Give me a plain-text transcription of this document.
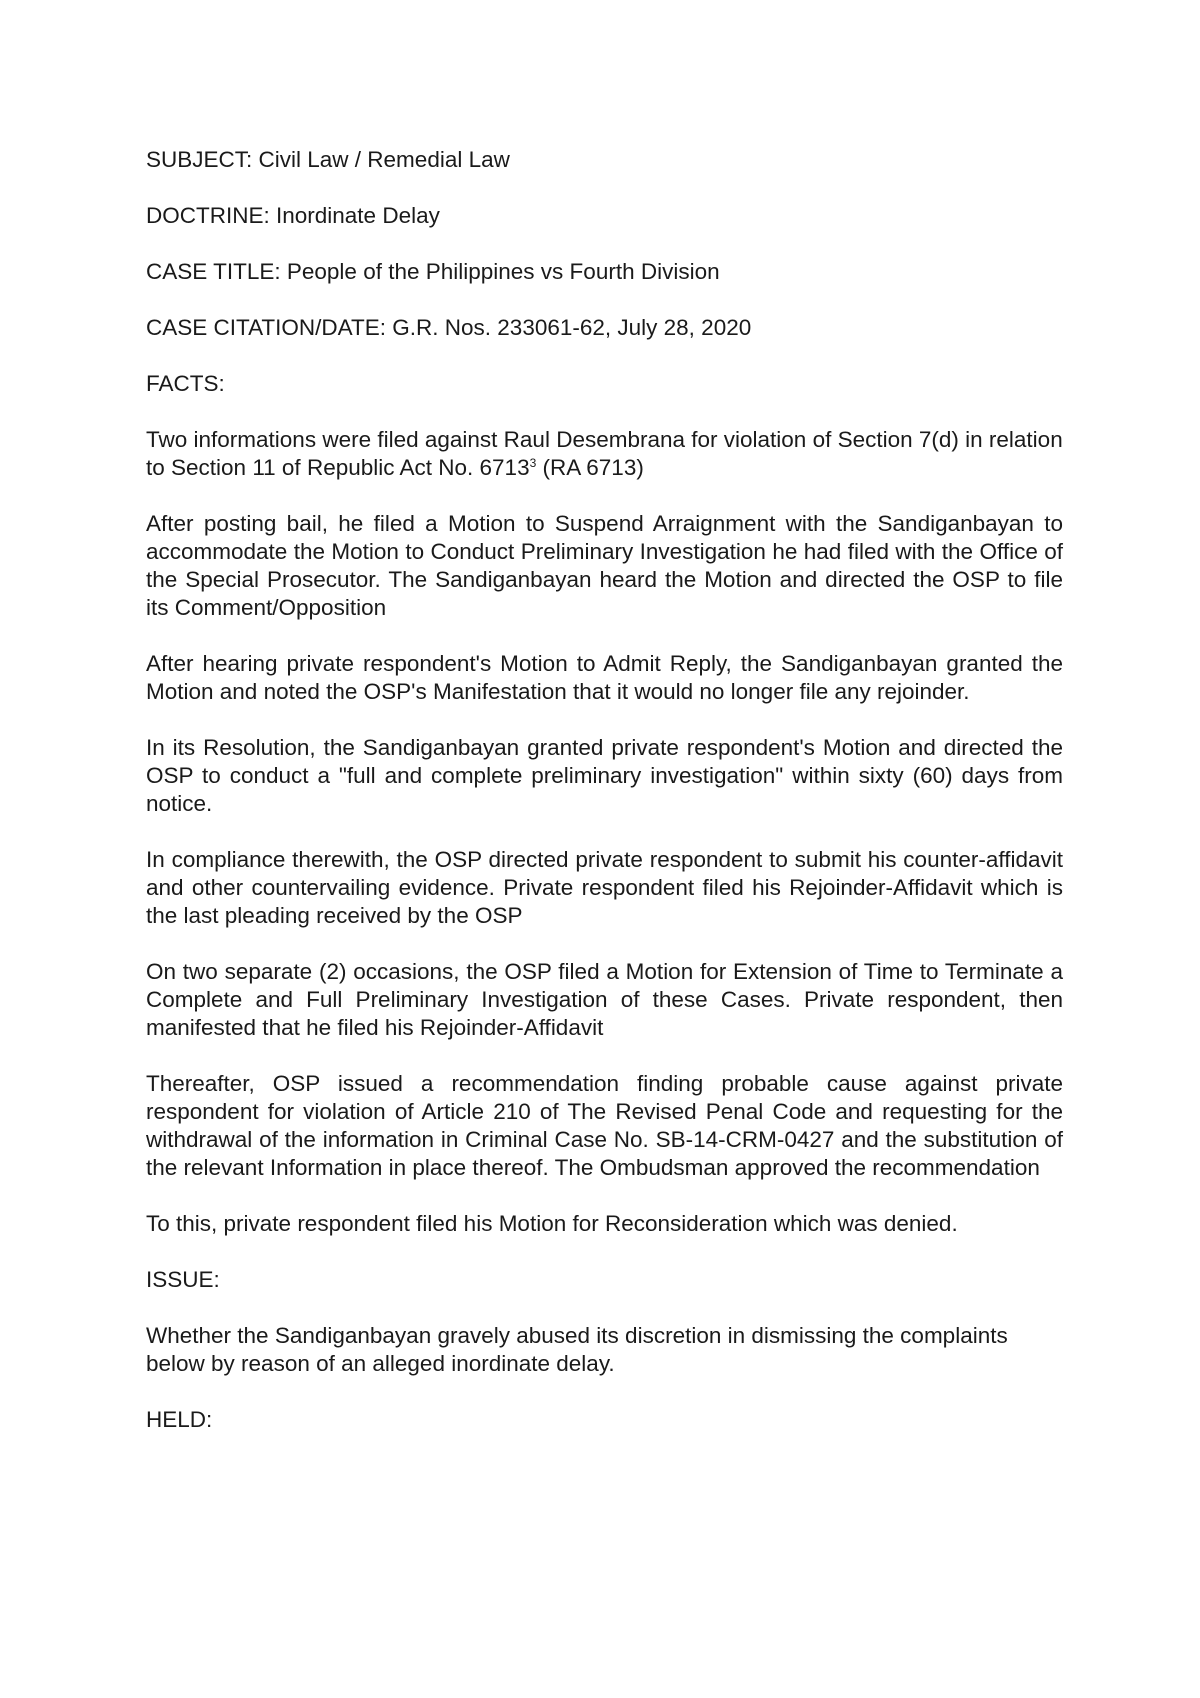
SUBJECT: Civil Law / Remedial Law

DOCTRINE: Inordinate Delay

CASE TITLE: People of the Philippines vs Fourth Division

CASE CITATION/DATE: G.R. Nos. 233061-62, July 28, 2020

FACTS:

Two informations were filed against Raul Desembrana for violation of Section 7(d) in relation to Section 11 of Republic Act No. 6713$^3$ (RA 6713)

After posting bail, he filed a Motion to Suspend Arraignment with the Sandiganbayan to accommodate the Motion to Conduct Preliminary Investigation he had filed with the Office of the Special Prosecutor. The Sandiganbayan heard the Motion and directed the OSP to file its Comment/Opposition

After hearing private respondent's Motion to Admit Reply, the Sandiganbayan granted the Motion and noted the OSP's Manifestation that it would no longer file any rejoinder.

In its Resolution, the Sandiganbayan granted private respondent's Motion and directed the OSP to conduct a "full and complete preliminary investigation" within sixty (60) days from notice.

In compliance therewith, the OSP directed private respondent to submit his counter-affidavit and other countervailing evidence. Private respondent filed his Rejoinder-Affidavit which is the last pleading received by the OSP

On two separate (2) occasions, the OSP filed a Motion for Extension of Time to Terminate a Complete and Full Preliminary Investigation of these Cases. Private respondent, then manifested that he filed his Rejoinder-Affidavit

Thereafter, OSP issued a recommendation finding probable cause against private respondent for violation of Article 210 of The Revised Penal Code and requesting for the withdrawal of the information in Criminal Case No. SB-14-CRM-0427 and the substitution of the relevant Information in place thereof. The Ombudsman approved the recommendation

To this, private respondent filed his Motion for Reconsideration which was denied.

ISSUE:

Whether the Sandiganbayan gravely abused its discretion in dismissing the complaints below by reason of an alleged inordinate delay.

HELD:
